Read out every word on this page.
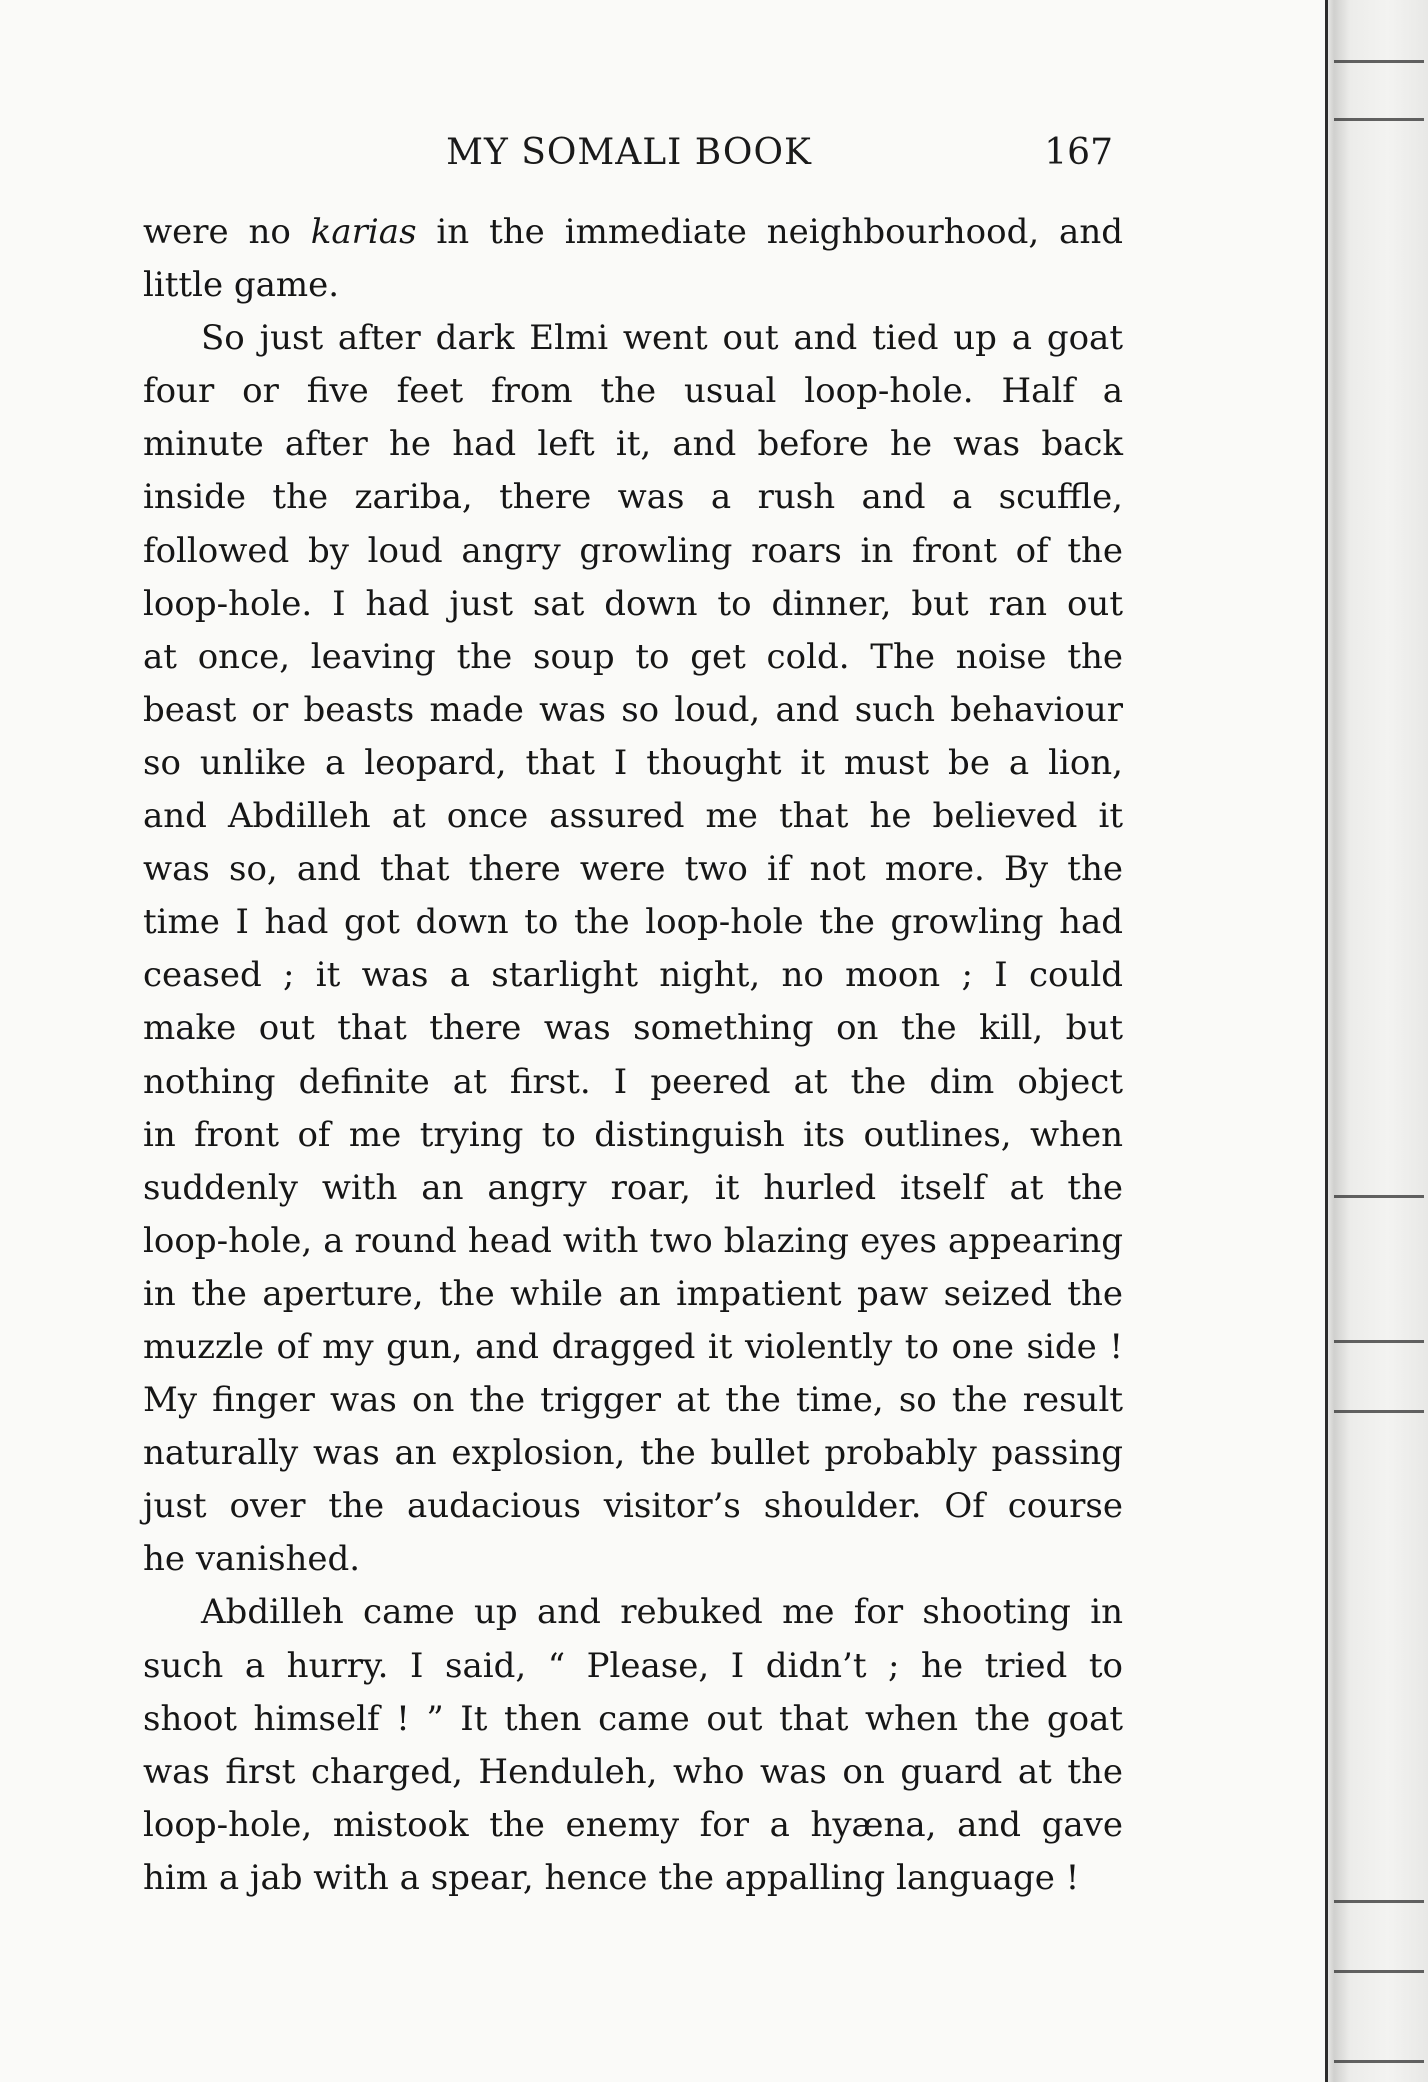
MY SOMALI BOOK	167
were no karias in the immediate neighbourhood, and
little game.
So just after dark Elmi went out and tied up a goat
four or five feet from the usual loop-hole. Half a
minute after he had left it, and before he was back
inside the zariba, there was a rush and a scuffle,
followed by loud angry growling roars in front of the
loop-hole. I had just sat down to dinner, but ran out
at once, leaving the soup to get cold. The noise the
beast or beasts made was so loud, and such behaviour
so unlike a leopard, that I thought it must be a lion,
and Abdilleh at once assured me that he believed it
was so, and that there were two if not more. By the
time I had got down to the loop-hole the growling had
ceased ; it was a starlight night, no moon ; I could
make out that there was something on the kill, but
nothing definite at first. I peered at the dim object
in front of me trying to distinguish its outlines, when
suddenly with an angry roar, it hurled itself at the
loop-hole, a round head with two blazing eyes appearing
in the aperture, the while an impatient paw seized the
muzzle of my gun, and dragged it violently to one side !
My finger was on the trigger at the time, so the result
naturally was an explosion, the bullet probably passing
just over the audacious visitor’s shoulder. Of course
he vanished.
Abdilleh came up and rebuked me for shooting in
such a hurry. I said, “ Please, I didn’t ; he tried to
shoot himself ! ” It then came out that when the goat
was first charged, Henduleh, who was on guard at the
loop-hole, mistook the enemy for a hyæna, and gave
him a jab with a spear, hence the appalling language !
